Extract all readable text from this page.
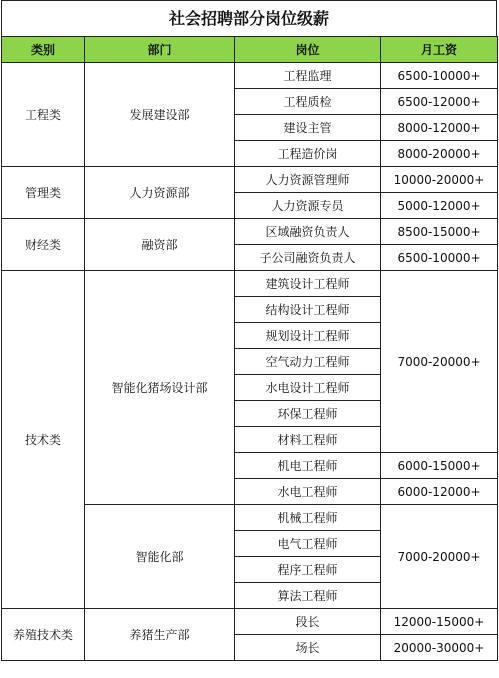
社会招聘部分岗位级薪
类别	部门	岗位	月工资
工程类	发展建设部	工程监理	6500-10000+
		工程质检	6500-12000+
		建设主管	8000-12000+
		工程造价岗	8000-20000+
管理类	人力资源部	人力资源管理师	10000-20000+
		人力资源专员	5000-12000+
财经类	融资部	区域融资负责人	8500-15000+
		子公司融资负责人	6500-10000+
技术类	智能化猪场设计部	建筑设计工程师	7000-20000+
		结构设计工程师	
		规划设计工程师	
		空气动力工程师	
		水电设计工程师	
		环保工程师	
		材料工程师	
		机电工程师	6000-15000+
		水电工程师	6000-12000+
	智能化部	机械工程师	7000-20000+
		电气工程师	
		程序工程师	
		算法工程师	
养殖技术类	养猪生产部	段长	12000-15000+
		场长	20000-30000+
